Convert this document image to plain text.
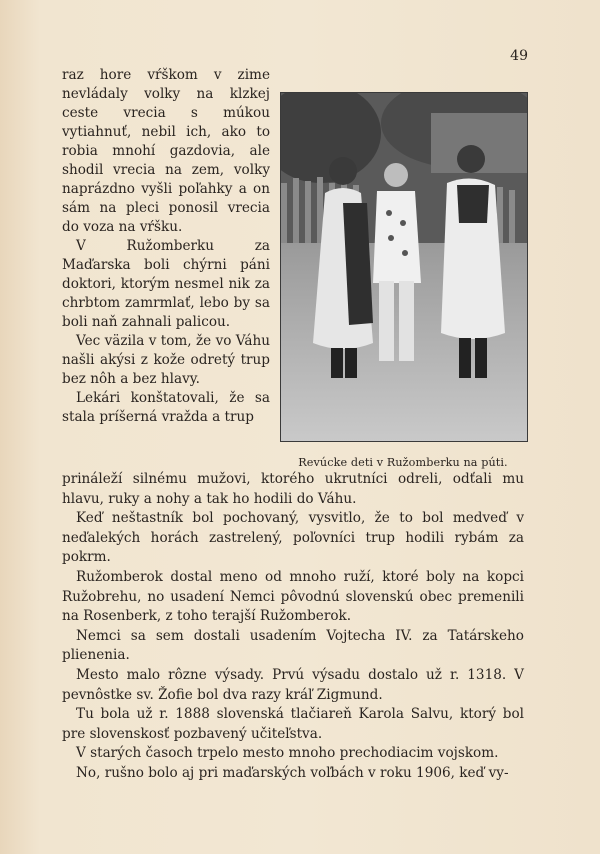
49

raz hore vŕškom v zime nevládaly volky na klzkej ceste vrecia s múkou vytiahnuť, nebil ich, ako to robia mnohí gazdovia, ale shodil vrecia na zem, volky naprázdno vyšli poľahky a on sám na pleci ponosil vrecia do voza na vŕšku.

V Ružomberku za Maďarska boli chýrni páni doktori, ktorým nesmel nik za chrbtom zamrmlať, lebo by sa boli naň zahnali palicou.

Vec väzila v tom, že vo Váhu našli akýsi z kože odretý trup bez nôh a bez hlavy.

Lekári konštatovali, že sa stala príšerná vražda a trup

Revúcke deti v Ružomberku na púti.

prináleží silnému mužovi, ktorého ukrutníci odreli, odťali mu hlavu, ruky a nohy a tak ho hodili do Váhu.

Keď neštastník bol pochovaný, vysvitlo, že to bol medveď v neďalekých horách zastrelený, poľovníci trup hodili rybám za pokrm.

Ružomberok dostal meno od mnoho ruží, ktoré boly na kopci Ružobrehu, no usadení Nemci pôvodnú slovenskú obec premenili na Rosenberk, z toho terajší Ružomberok.

Nemci sa sem dostali usadením Vojtecha IV. za Tatárskeho plienenia.

Mesto malo rôzne výsady. Prvú výsadu dostalo už r. 1318. V pevnôstke sv. Žofie bol dva razy kráľ Zigmund.

Tu bola už r. 1888 slovenská tlačiareň Karola Salvu, ktorý bol pre slovenskosť pozbavený učiteľstva.

V starých časoch trpelo mesto mnoho prechodiacim vojskom.

No, rušno bolo aj pri maďarských voľbách v roku 1906, keď vy-
